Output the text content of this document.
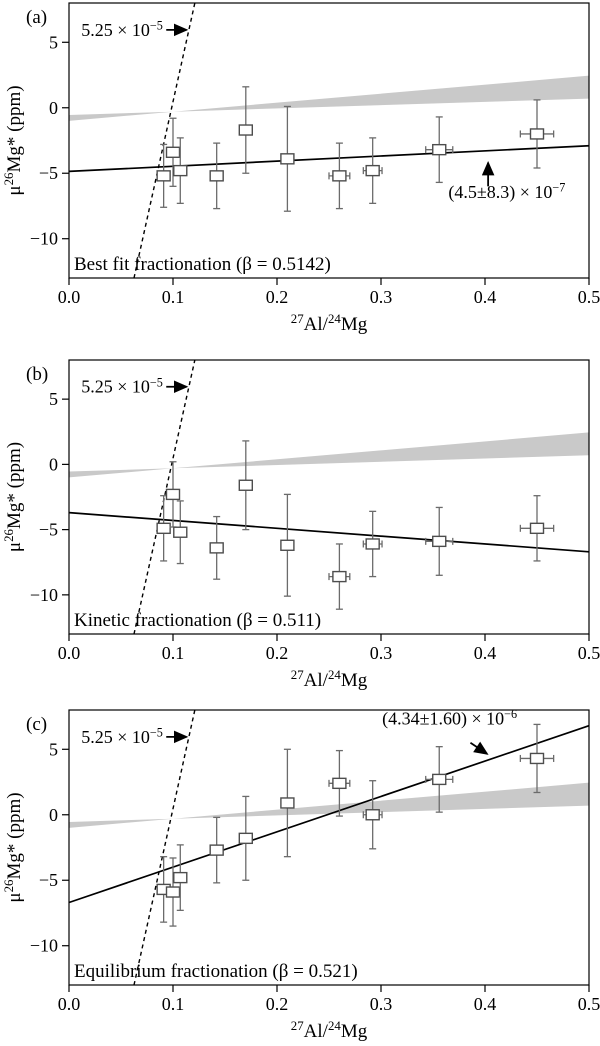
0.0	0.1	0.2	0.3	0.4	0.5
5
0
−5
−10
$^{27}$Al/$^{24}$Mg
$\mu^{26}Mg*$ (ppm)
(a)
Best fit fractionation (β = 0.5142)
$5.25 \times 10^{-5}$
$(4.5\pm 8.3) \times 10^{-7}$
0.0	0.1	0.2	0.3	0.4	0.5
5
0
−5
−10
$^{27}$Al/$^{24}$Mg
$\mu^{26}Mg*$ (ppm)
(b)
Kinetic fractionation (β = 0.511)
$5.25 \times 10^{-5}$
0.0	0.1	0.2	0.3	0.4	0.5
5
0
−5
−10
$^{27}$Al/$^{24}$Mg
$\mu^{26}Mg*$ (ppm)
(c)
Equilibrium fractionation (β = 0.521)
$5.25 \times 10^{-5}$
$(4.34\pm 1.60) \times 10^{-6}$
